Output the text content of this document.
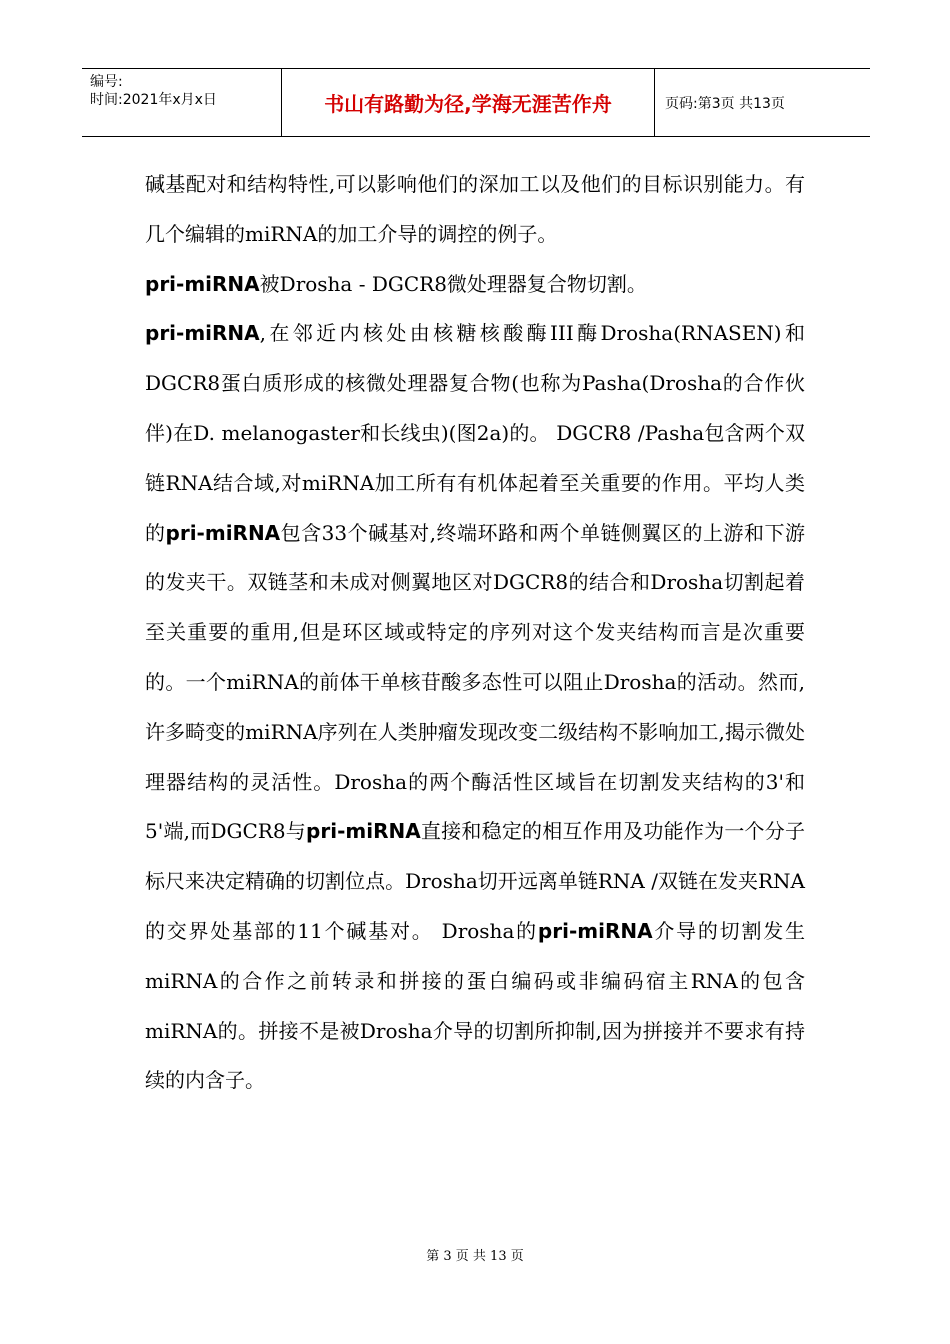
编号:
时间:2021年x月x日	书山有路勤为径,学海无涯苦作舟	页码:第3页 共13页

碱基配对和结构特性,可以影响他们的深加工以及他们的目标识别能力。有几个编辑的miRNA的加工介导的调控的例子。

pri-miRNA被Drosha - DGCR8微处理器复合物切割。

pri-miRNA,在邻近内核处由核糖核酸酶III酶Drosha(RNASEN)和DGCR8蛋白质形成的核微处理器复合物(也称为Pasha(Drosha的合作伙伴)在D. melanogaster和长线虫)(图2a)的。 DGCR8 /Pasha包含两个双链RNA结合域,对miRNA加工所有有机体起着至关重要的作用。平均人类的pri-miRNA包含33个碱基对,终端环路和两个单链侧翼区的上游和下游的发夹干。双链茎和未成对侧翼地区对DGCR8的结合和Drosha切割起着至关重要的重用,但是环区域或特定的序列对这个发夹结构而言是次重要的。一个miRNA的前体干单核苷酸多态性可以阻止Drosha的活动。然而,许多畸变的miRNA序列在人类肿瘤发现改变二级结构不影响加工,揭示微处理器结构的灵活性。Drosha的两个酶活性区域旨在切割发夹结构的3'和 5'端,而DGCR8与pri-miRNA直接和稳定的相互作用及功能作为一个分子标尺来决定精确的切割位点。Drosha切开远离单链RNA /双链在发夹RNA的交界处基部的11个碱基对。 Drosha的pri-miRNA介导的切割发生miRNA的合作之前转录和拼接的蛋白编码或非编码宿主RNA的包含miRNA的。拼接不是被Drosha介导的切割所抑制,因为拼接并不要求有持续的内含子。

第 3 页 共 13 页
